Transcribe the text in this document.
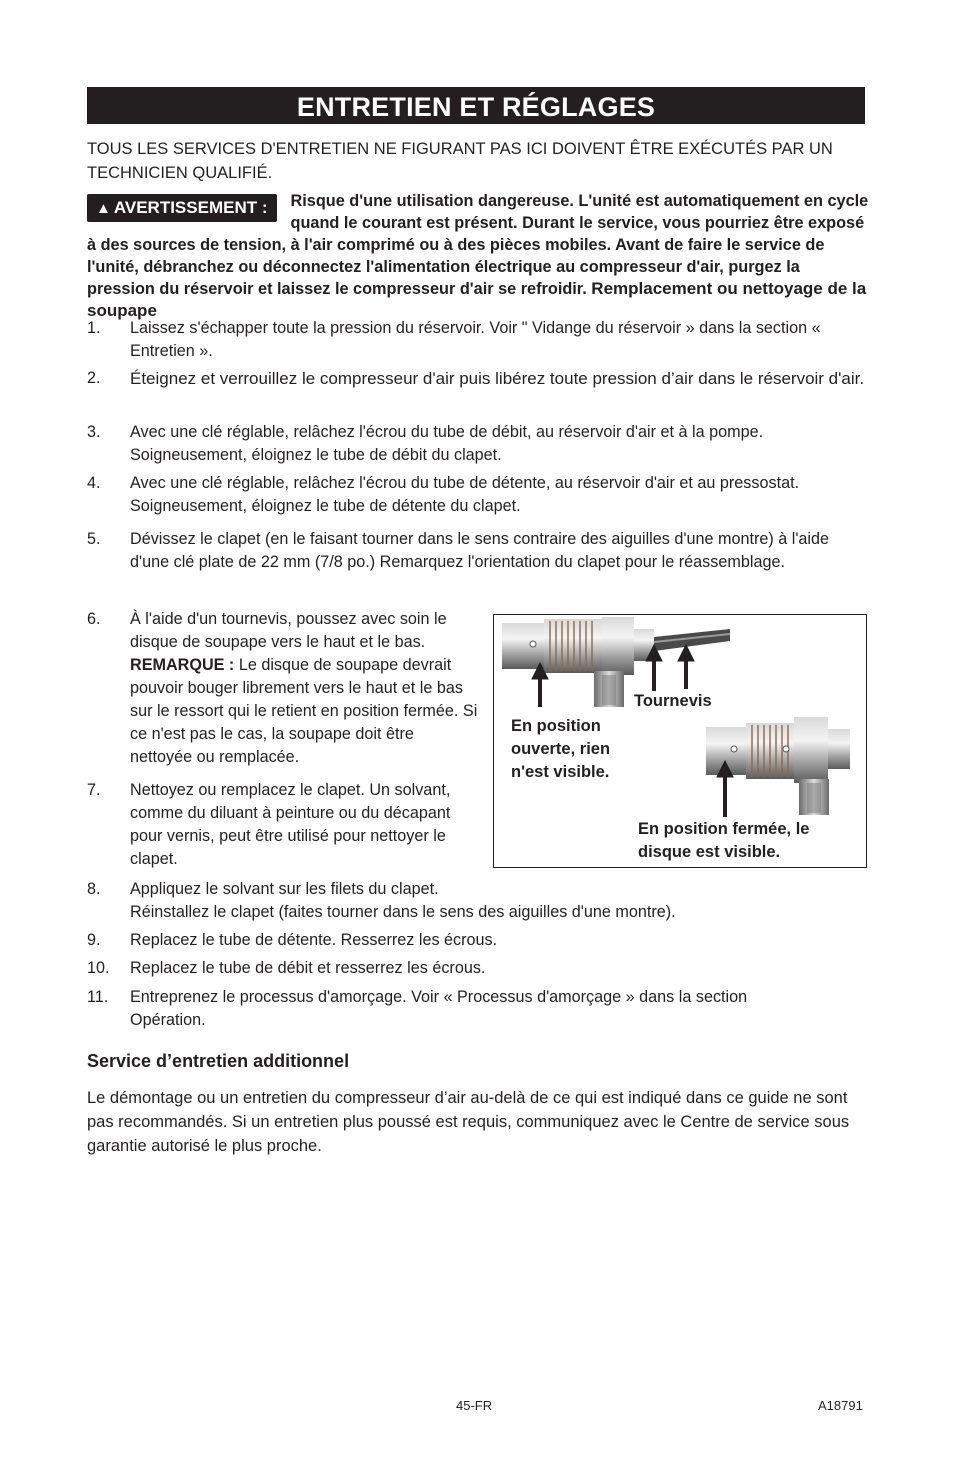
ENTRETIEN ET RÉGLAGES
TOUS LES SERVICES D'ENTRETIEN NE FIGURANT PAS ICI DOIVENT ÊTRE EXÉCUTÉS PAR UN TECHNICIEN QUALIFIÉ.
▲ AVERTISSEMENT :	Risque d'une utilisation dangereuse. L'unité est automatiquement en cycle quand le courant est présent. Durant le service, vous pourriez être exposé à des sources de tension, à l'air comprimé ou à des pièces mobiles. Avant de faire le service de l'unité, débranchez ou déconnectez l'alimentation électrique au compresseur d'air, purgez la pression du réservoir et laissez le compresseur d'air se refroidir. Remplacement ou nettoyage de la soupape
1.	Laissez s'échapper toute la pression du réservoir. Voir " Vidange du réservoir » dans la section « Entretien ».
2.	Éteignez et verrouillez le compresseur d'air puis libérez toute pression d’air dans le réservoir d'air.
3.	Avec une clé réglable, relâchez l'écrou du tube de débit, au réservoir d'air et à la pompe. Soigneusement, éloignez le tube de débit du clapet.
4.	Avec une clé réglable, relâchez l'écrou du tube de détente, au réservoir d'air et au pressostat. Soigneusement, éloignez le tube de détente du clapet.
5.	Dévissez le clapet (en le faisant tourner dans le sens contraire des aiguilles d'une montre) à l'aide d'une clé plate de 22 mm (7/8 po.) Remarquez l'orientation du clapet pour le réassemblage.
6.	À l'aide d'un tournevis, poussez avec soin le disque de soupape vers le haut et le bas. REMARQUE : Le disque de soupape devrait pouvoir bouger librement vers le haut et le bas sur le ressort qui le retient en position fermée. Si ce n'est pas le cas, la soupape doit être nettoyée ou remplacée.
7.	Nettoyez ou remplacez le clapet. Un solvant, comme du diluant à peinture ou du décapant pour vernis, peut être utilisé pour nettoyer le clapet.
8.	Appliquez le solvant sur les filets du clapet.
Réinstallez le clapet (faites tourner dans le sens des aiguilles d'une montre).
9.	Replacez le tube de détente. Resserrez les écrous.
10.	Replacez le tube de débit et resserrez les écrous.
11.	Entreprenez le processus d'amorçage. Voir « Processus d'amorçage » dans la section Opération.
Tournevis
En position ouverte, rien n'est visible.
En position fermée, le disque est visible.
Service d’entretien additionnel
Le démontage ou un entretien du compresseur d’air au-delà de ce qui est indiqué dans ce guide ne sont pas recommandés. Si un entretien plus poussé est requis, communiquez avec le Centre de service sous garantie autorisé le plus proche.
45-FR	A18791
